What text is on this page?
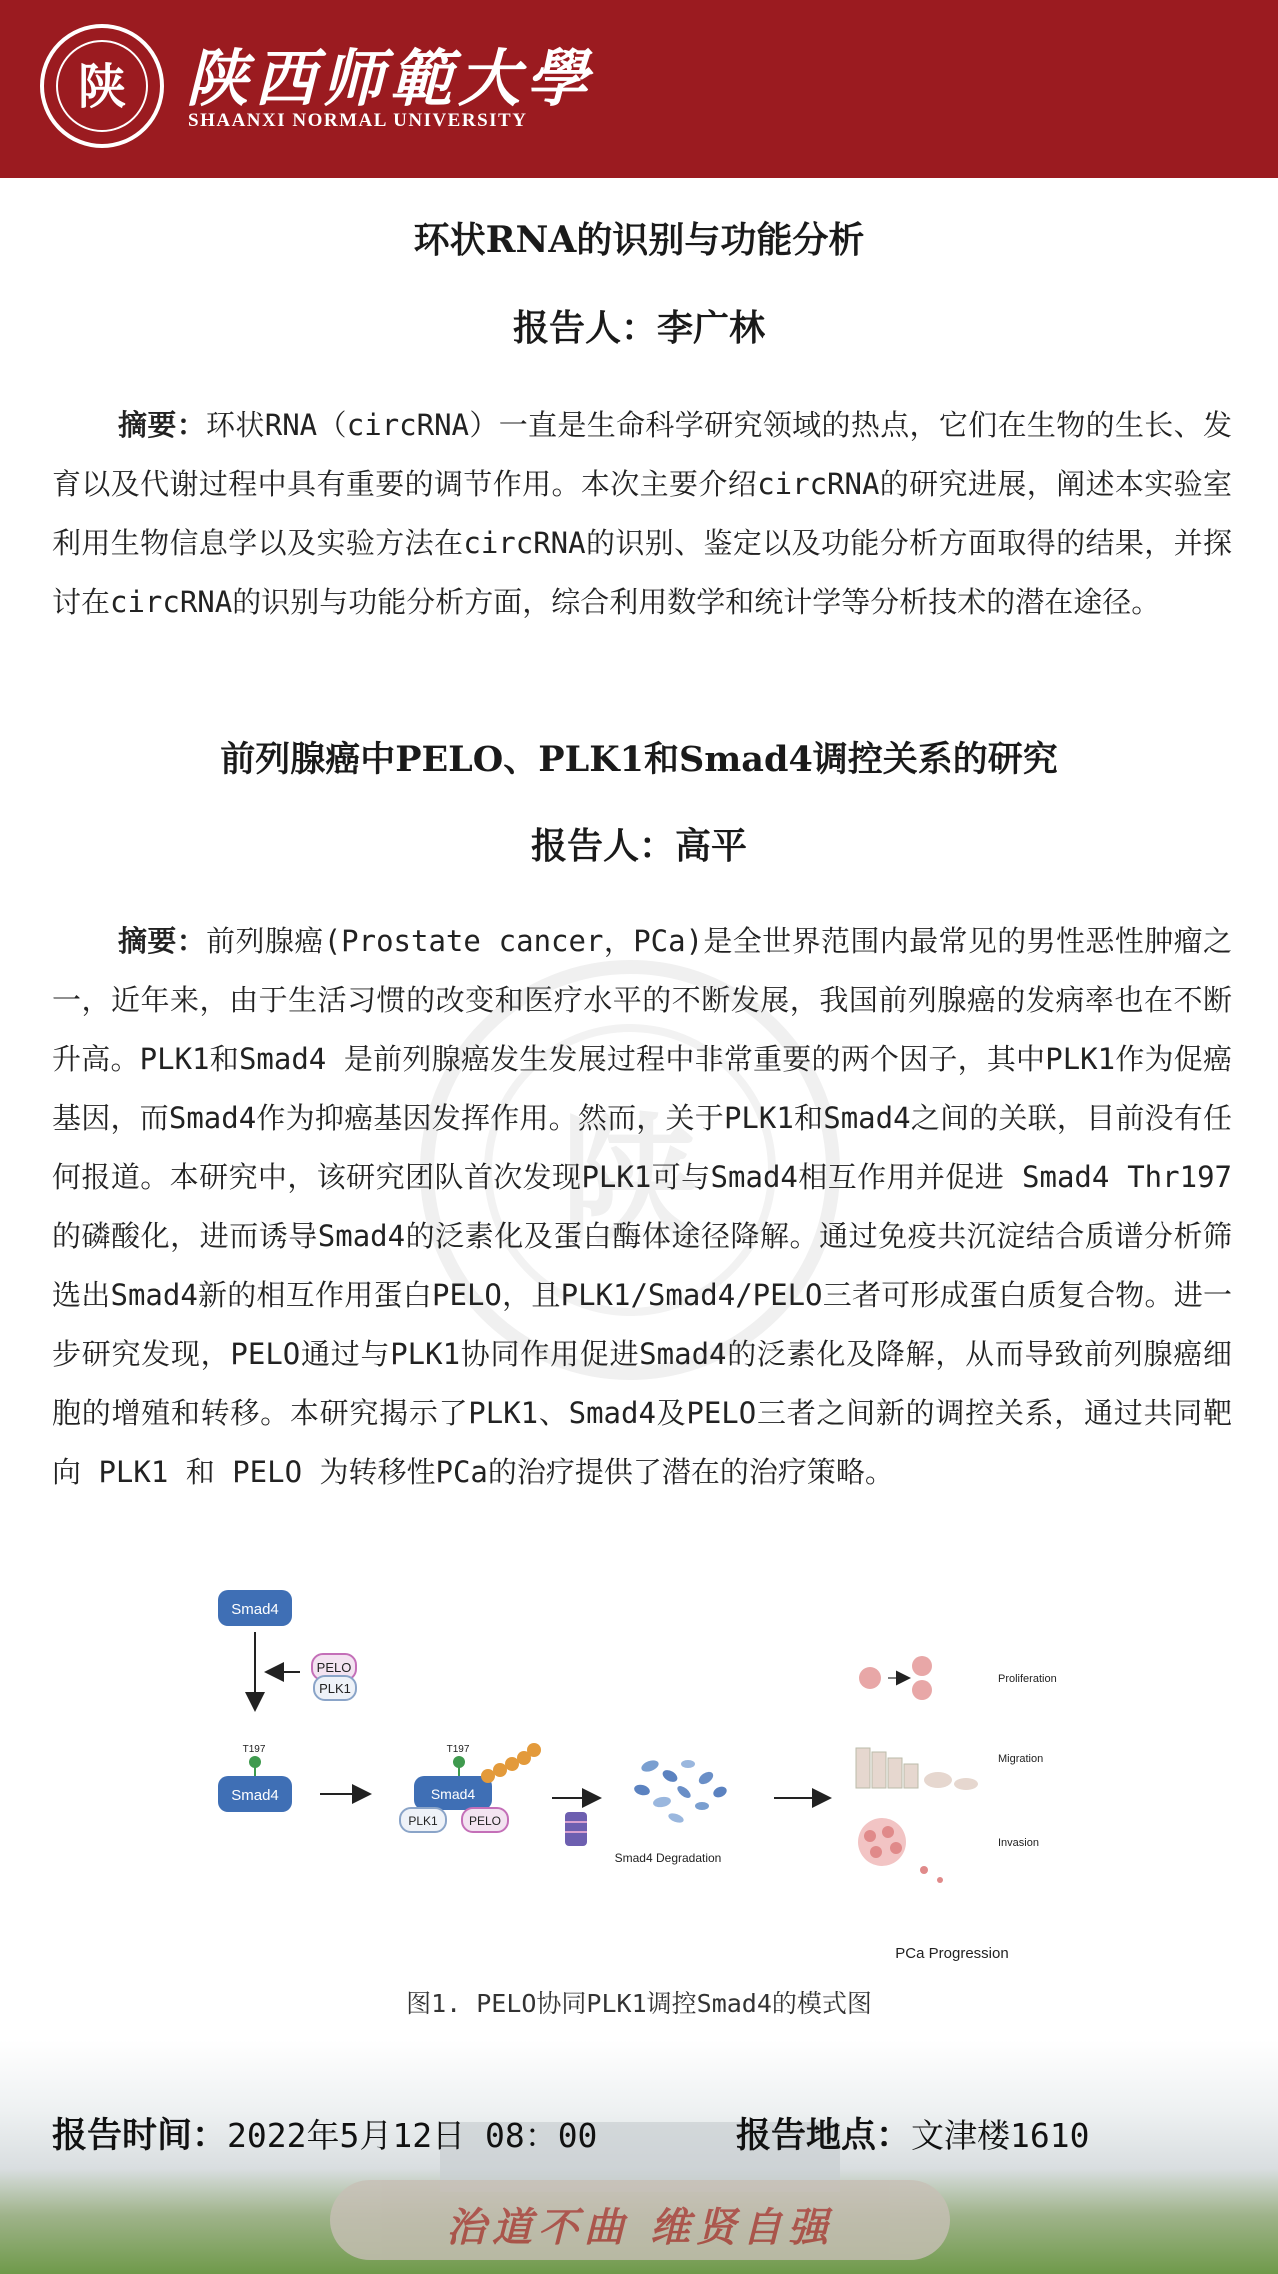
陕 陕西师範大學
SHAANXI NORMAL UNIVERSITY
陕
环状RNA的识别与功能分析
报告人：李广林
摘要：环状RNA（circRNA）一直是生命科学研究领域的热点，它们在生物的生长、发育以及代谢过程中具有重要的调节作用。本次主要介绍circRNA的研究进展，阐述本实验室利用生物信息学以及实验方法在circRNA的识别、鉴定以及功能分析方面取得的结果，并探讨在circRNA的识别与功能分析方面，综合利用数学和统计学等分析技术的潜在途径。
前列腺癌中PELO、PLK1和Smad4调控关系的研究
报告人：高平
摘要：前列腺癌(Prostate cancer，PCa)是全世界范围内最常见的男性恶性肿瘤之一，近年来，由于生活习惯的改变和医疗水平的不断发展，我国前列腺癌的发病率也在不断升高。PLK1和Smad4 是前列腺癌发生发展过程中非常重要的两个因子，其中PLK1作为促癌基因，而Smad4作为抑癌基因发挥作用。然而，关于PLK1和Smad4之间的关联，目前没有任何报道。本研究中，该研究团队首次发现PLK1可与Smad4相互作用并促进 Smad4 Thr197的磷酸化，进而诱导Smad4的泛素化及蛋白酶体途径降解。通过免疫共沉淀结合质谱分析筛选出Smad4新的相互作用蛋白PELO，且PLK1/Smad4/PELO三者可形成蛋白质复合物。进一步研究发现，PELO通过与PLK1协同作用促进Smad4的泛素化及降解，从而导致前列腺癌细胞的增殖和转移。本研究揭示了PLK1、Smad4及PELO三者之间新的调控关系，通过共同靶向 PLK1 和 PELO 为转移性PCa的治疗提供了潜在的治疗策略。
Smad4
PELO
PLK1
T197
Smad4
T197
Smad4
PLK1	PELO
Smad4 Degradation
Proliferation
Migration
Invasion
PCa Progression
图1. PELO协同PLK1调控Smad4的模式图
治道不曲 维贤自强
报告时间：2022年5月12日 08：00	报告地点：文津楼1610
